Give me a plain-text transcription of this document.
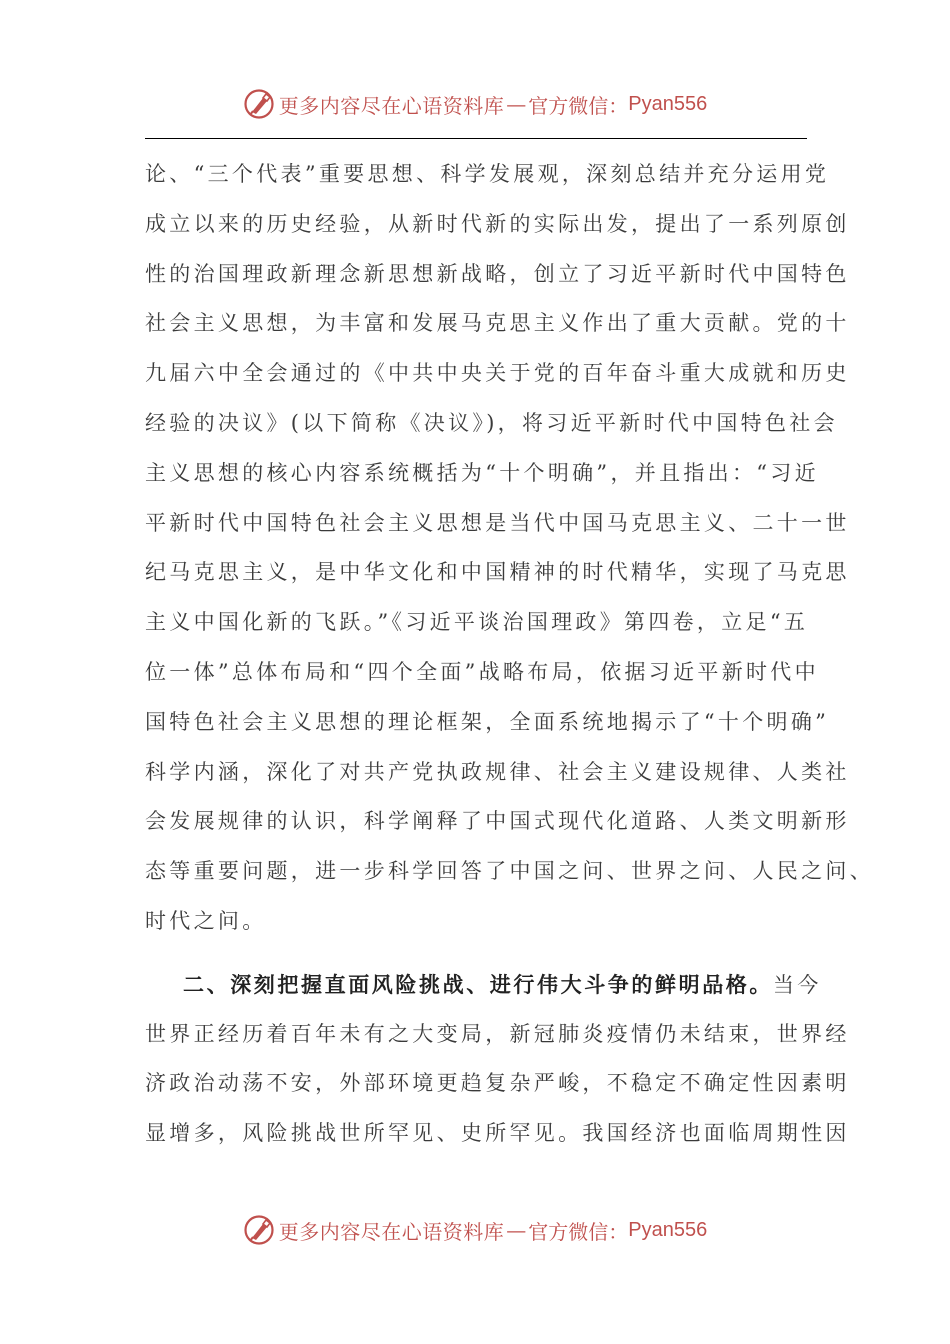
更多内容尽在心语资料库 — 官方微信： Pyan556
论、“三个代表”重要思想、科学发展观，深刻总结并充分运用党
成立以来的历史经验，从新时代新的实际出发，提出了一系列原创
性的治国理政新理念新思想新战略，创立了习近平新时代中国特色
社会主义思想，为丰富和发展马克思主义作出了重大贡献。党的十
九届六中全会通过的《中共中央关于党的百年奋斗重大成就和历史
经验的决议》(以下简称《决议》)，将习近平新时代中国特色社会
主义思想的核心内容系统概括为“十个明确”，并且指出：“习近
平新时代中国特色社会主义思想是当代中国马克思主义、二十一世
纪马克思主义，是中华文化和中国精神的时代精华，实现了马克思
主义中国化新的飞跃。”《习近平谈治国理政》第四卷，立足“五
位一体”总体布局和“四个全面”战略布局，依据习近平新时代中
国特色社会主义思想的理论框架，全面系统地揭示了“十个明确”
科学内涵，深化了对共产党执政规律、社会主义建设规律、人类社
会发展规律的认识，科学阐释了中国式现代化道路、人类文明新形
态等重要问题，进一步科学回答了中国之问、世界之问、人民之问、
时代之问。
二、深刻把握直面风险挑战、进行伟大斗争的鲜明品格。当今
世界正经历着百年未有之大变局，新冠肺炎疫情仍未结束，世界经
济政治动荡不安，外部环境更趋复杂严峻，不稳定不确定性因素明
显增多，风险挑战世所罕见、史所罕见。我国经济也面临周期性因
更多内容尽在心语资料库 — 官方微信： Pyan556
